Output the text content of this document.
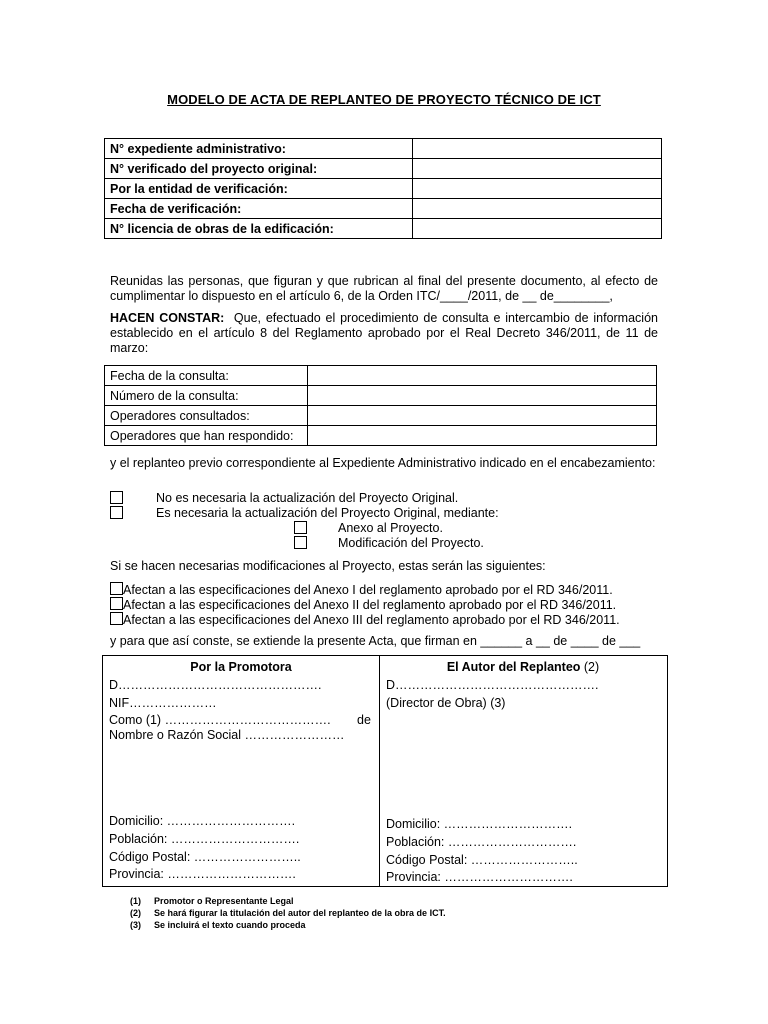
MODELO DE ACTA DE REPLANTEO DE PROYECTO TÉCNICO DE ICT
N° expediente administrativo:	
N° verificado del proyecto original:	
Por la entidad de verificación:	
Fecha de verificación:	
N° licencia de obras de la edificación:	
Reunidas las personas, que figuran y que rubrican al final del presente documento, al efecto de cumplimentar lo dispuesto en el artículo 6, de la Orden ITC/____/2011, de __ de________,
HACEN CONSTAR: Que, efectuado el procedimiento de consulta e intercambio de información establecido en el artículo 8 del Reglamento aprobado por el Real Decreto 346/2011, de 11 de marzo:
Fecha de la consulta:	
Número de la consulta:	
Operadores consultados:	
Operadores que han respondido:	
y el replanteo previo correspondiente al Expediente Administrativo indicado en el encabezamiento:
No es necesaria la actualización del Proyecto Original.
Es necesaria la actualización del Proyecto Original, mediante:
Anexo al Proyecto.
Modificación del Proyecto.
Si se hacen necesarias modificaciones al Proyecto, estas serán las siguientes:
Afectan a las especificaciones del Anexo I del reglamento aprobado por el RD 346/2011.
Afectan a las especificaciones del Anexo II del reglamento aprobado por el RD 346/2011.
Afectan a las especificaciones del Anexo III del reglamento aprobado por el RD 346/2011.
y para que así conste, se extiende la presente Acta, que firman en ______ a __ de ____ de ___
Por la Promotora
D………………………………………….
NIF…………………
Como (1) …………………………………. de
Nombre o Razón Social ……………………
Domicilio: ………………………….
Población: ………………………….
Código Postal: ……………………..
Provincia: ………………………….
El Autor del Replanteo (2)
D………………………………………….
(Director de Obra) (3)
Domicilio: ………………………….
Población: ………………………….
Código Postal: ……………………..
Provincia: ………………………….
(1) Promotor o Representante Legal
(2) Se hará figurar la titulación del autor del replanteo de la obra de ICT.
(3) Se incluirá el texto cuando proceda
